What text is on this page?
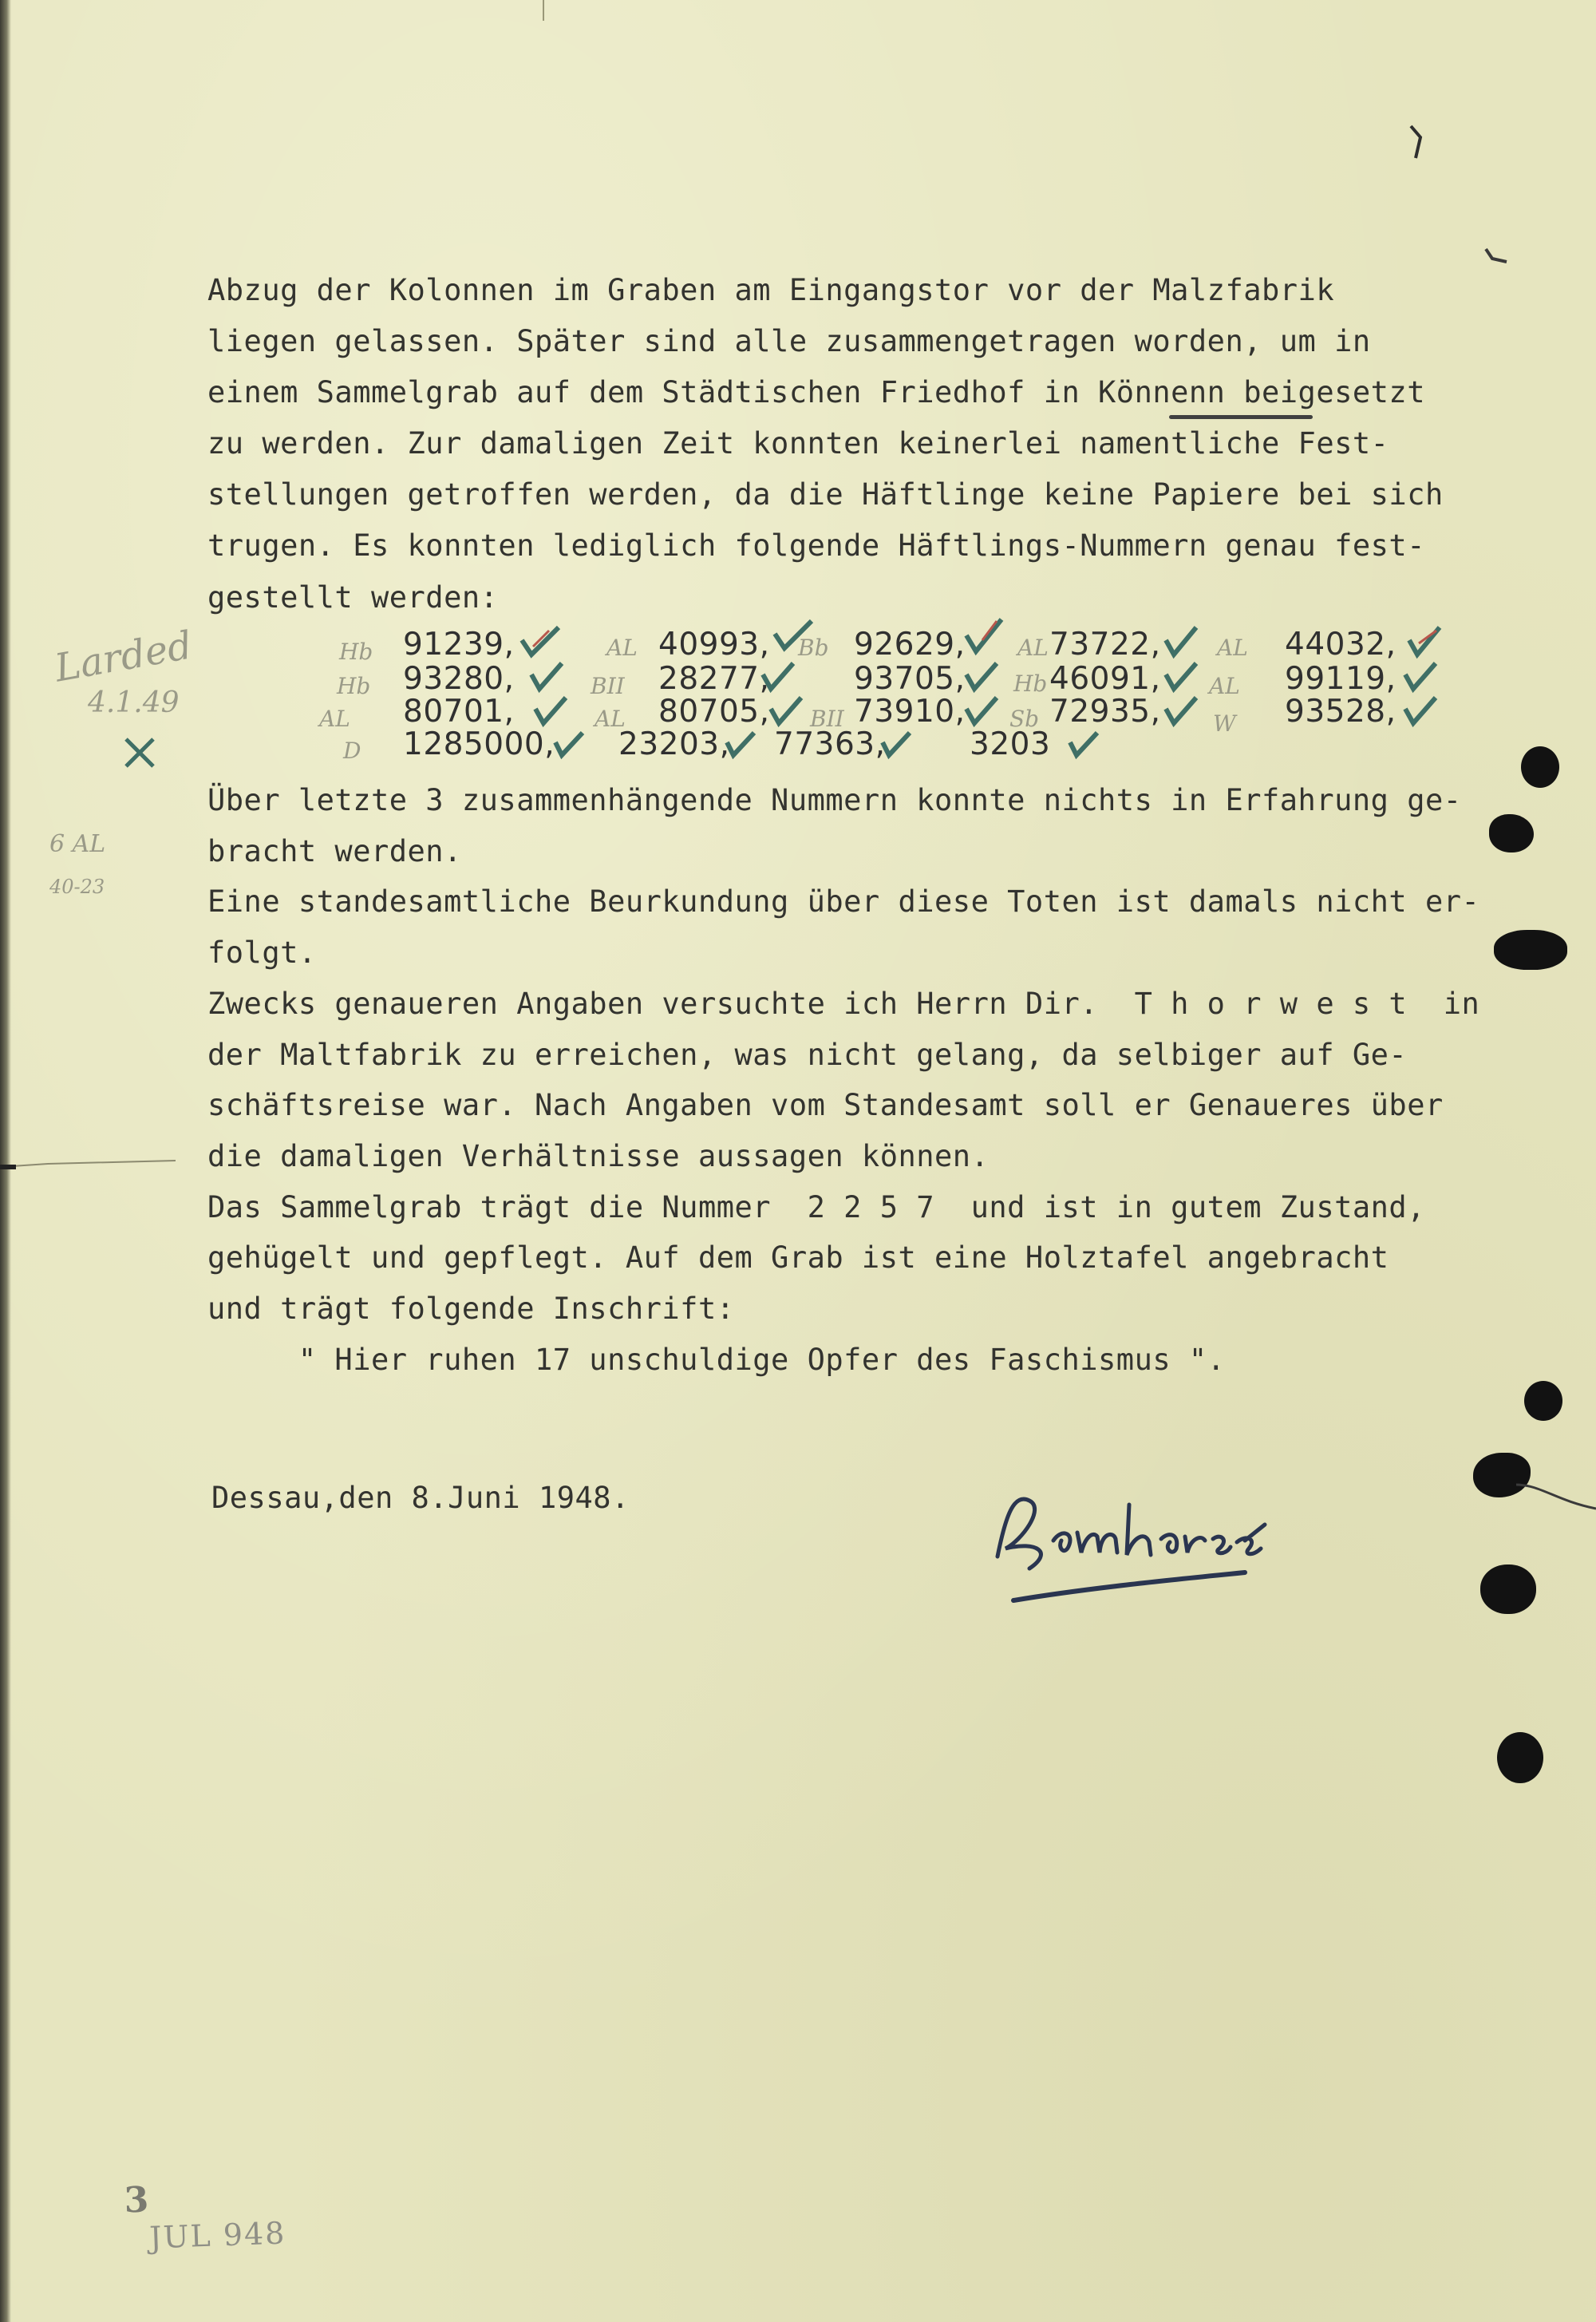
Abzug der Kolonnen im Graben am Eingangstor vor der Malzfabrik
liegen gelassen. Später sind alle zusammengetragen worden, um in
einem Sammelgrab auf dem Städtischen Friedhof in Könnenn beigesetzt
zu werden. Zur damaligen Zeit konnten keinerlei namentliche Fest-
stellungen getroffen werden, da die Häftlinge keine Papiere bei sich
trugen. Es konnten lediglich folgende Häftlings-Nummern genau fest-
gestellt werden:
Hb 91239,	AL 40993, Bb 92629, AL 73722,	AL 44032,
Hb 93280,	BII 28277,	93705, Hb 46091, AL 99119,
AL 80701,	AL 80705, BII 73910, Sb 72935, W 93528,
D 1285000, 23203, 77363,	3203
Larded
4.1.49
6 AL
40-23
Über letzte 3 zusammenhängende Nummern konnte nichts in Erfahrung ge-
bracht werden.
Eine standesamtliche Beurkundung über diese Toten ist damals nicht er-
folgt.
Zwecks genaueren Angaben versuchte ich Herrn Dir.  T h o r w e s t  in
der Maltfabrik zu erreichen, was nicht gelang, da selbiger auf Ge-
schäftsreise war. Nach Angaben vom Standesamt soll er Genaueres über
die damaligen Verhältnisse aussagen können.
Das Sammelgrab trägt die Nummer  2 2 5 7  und ist in gutem Zustand,
gehügelt und gepflegt. Auf dem Grab ist eine Holztafel angebracht
und trägt folgende Inschrift:
" Hier ruhen 17 unschuldige Opfer des Faschismus ".
Dessau,den 8.Juni 1948.

3
JUL 948
